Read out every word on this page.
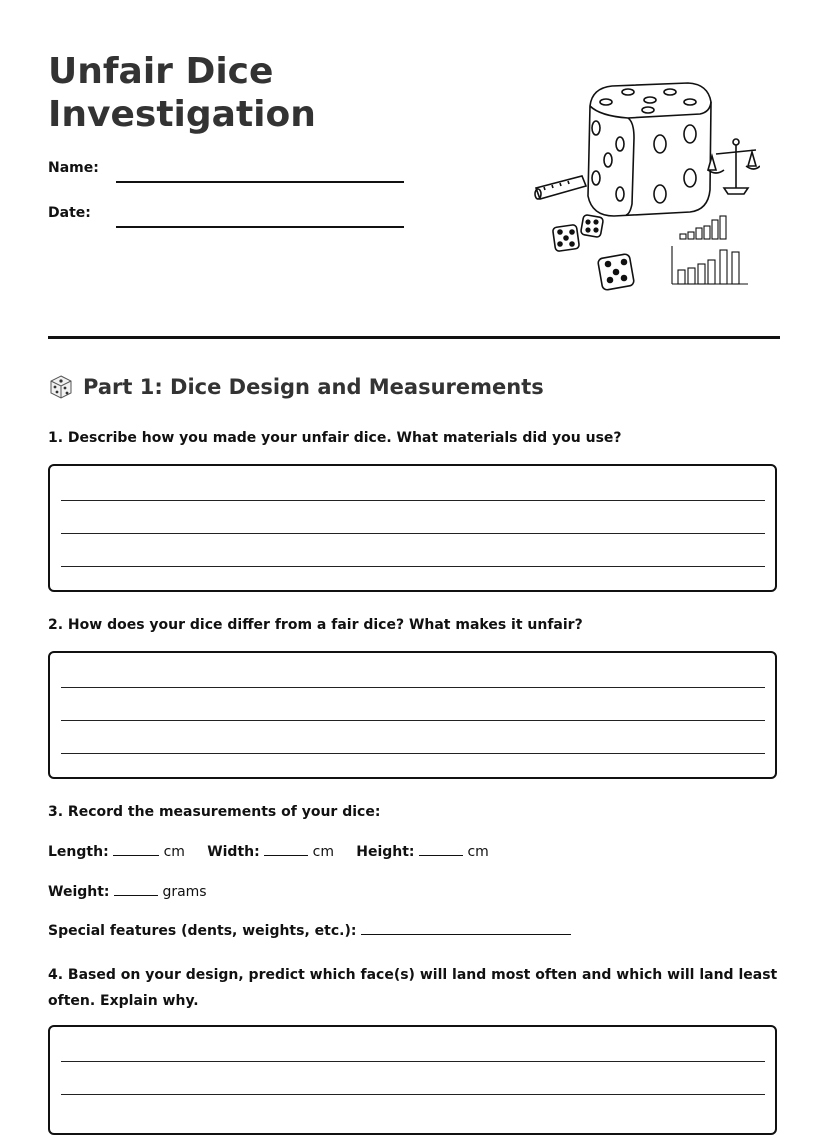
Unfair Dice Investigation
Name:
Date:
Part 1: Dice Design and Measurements

1. Describe how you made your unfair dice. What materials did you use?

2. How does your dice differ from a fair dice? What makes it unfair?

3. Record the measurements of your dice:

Length:	cm Width:	cm Height:	cm
Weight:	grams
Special features (dents, weights, etc.):

4. Based on your design, predict which face(s) will land most often and which will land least often. Explain why.
